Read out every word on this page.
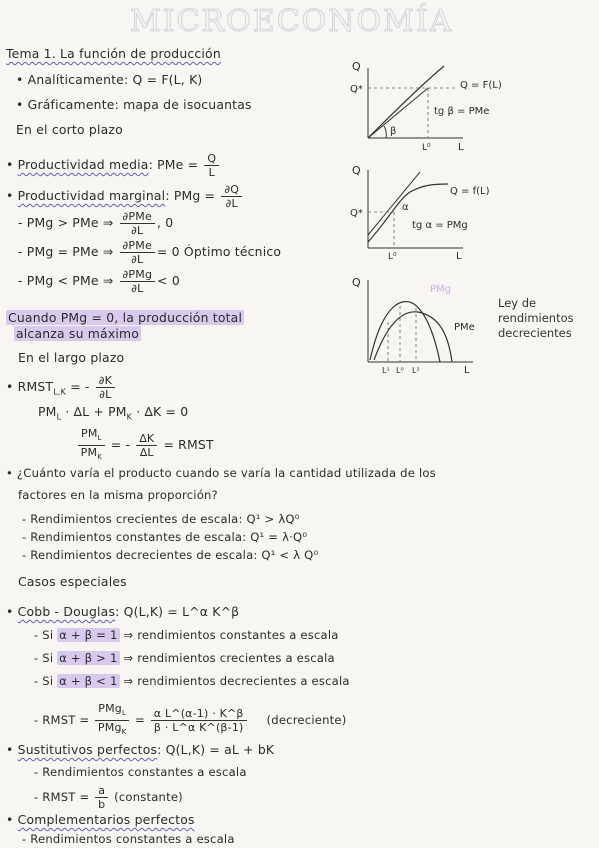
MICROECONOMÍA
Tema 1. La función de producción
• Analíticamente: Q = F(L, K)
• Gráficamente: mapa de isocuantas
En el corto plazo
• Productividad media: PMe = $\frac{Q}{L}$
• Productividad marginal: PMg = $\frac{\partial Q}{\partial L}$
- PMg > PMe ⇒ $\frac{\text{∂PMe}}{\partial L}$ , 0
- PMg = PMe ⇒ $\frac{\text{∂PMe}}{\partial L} = 0$ Óptimo técnico
- PMg < PMe ⇒ $\frac{\text{∂PMg}}{\partial L} < 0$
Cuando PMg = 0, la producción total
alcanza su máximo
En el largo plazo
• $RMST_{L,K}$ = - $\frac{\partial K}{\partial L}$
$PM_L \cdot \Delta L + PM_K \cdot \Delta K = 0$
$\frac{PM_L}{PM_K}$ = - $\frac{\Delta K}{\Delta L}$ = RMST
• ¿Cuánto varía el producto cuando se varía la cantidad utilizada de los
factores en la misma proporción?
- Rendimientos crecientes de escala: Q¹ > λQ⁰
- Rendimientos constantes de escala: Q¹ = λ·Q⁰
- Rendimientos decrecientes de escala: Q¹ < λ Q⁰
Casos especiales
• Cobb - Douglas: Q(L,K) = L^α K^β
- Si α + β = 1 ⇒ rendimientos constantes a escala
- Si α + β > 1 ⇒ rendimientos crecientes a escala
- Si α + β < 1 ⇒ rendimientos decrecientes a escala
- RMST = $\frac{PMg_L}{PMg_K} = \frac{\text{α L\textasciicircum{}(α-1) · K\textasciicircum{}β}}{\text{β · L\textasciicircum{}α K\textasciicircum{}(β-1)}}$ (decreciente)
• Sustitutivos perfectos: Q(L,K) = aL + bK
- Rendimientos constantes a escala
- RMST = $\frac{a}{b}$ (constante)
• Complementarios perfectos
- Rendimientos constantes a escala
Q
Q*	Q = F(L)
β
tg β = PMe
L⁰	L
Q
Q*
Q = f(L)
α
tg α = PMg
L⁰	L
Q
PMg
PMe
L¹ L⁰ L²	L
Ley de rendimientos decrecientes
